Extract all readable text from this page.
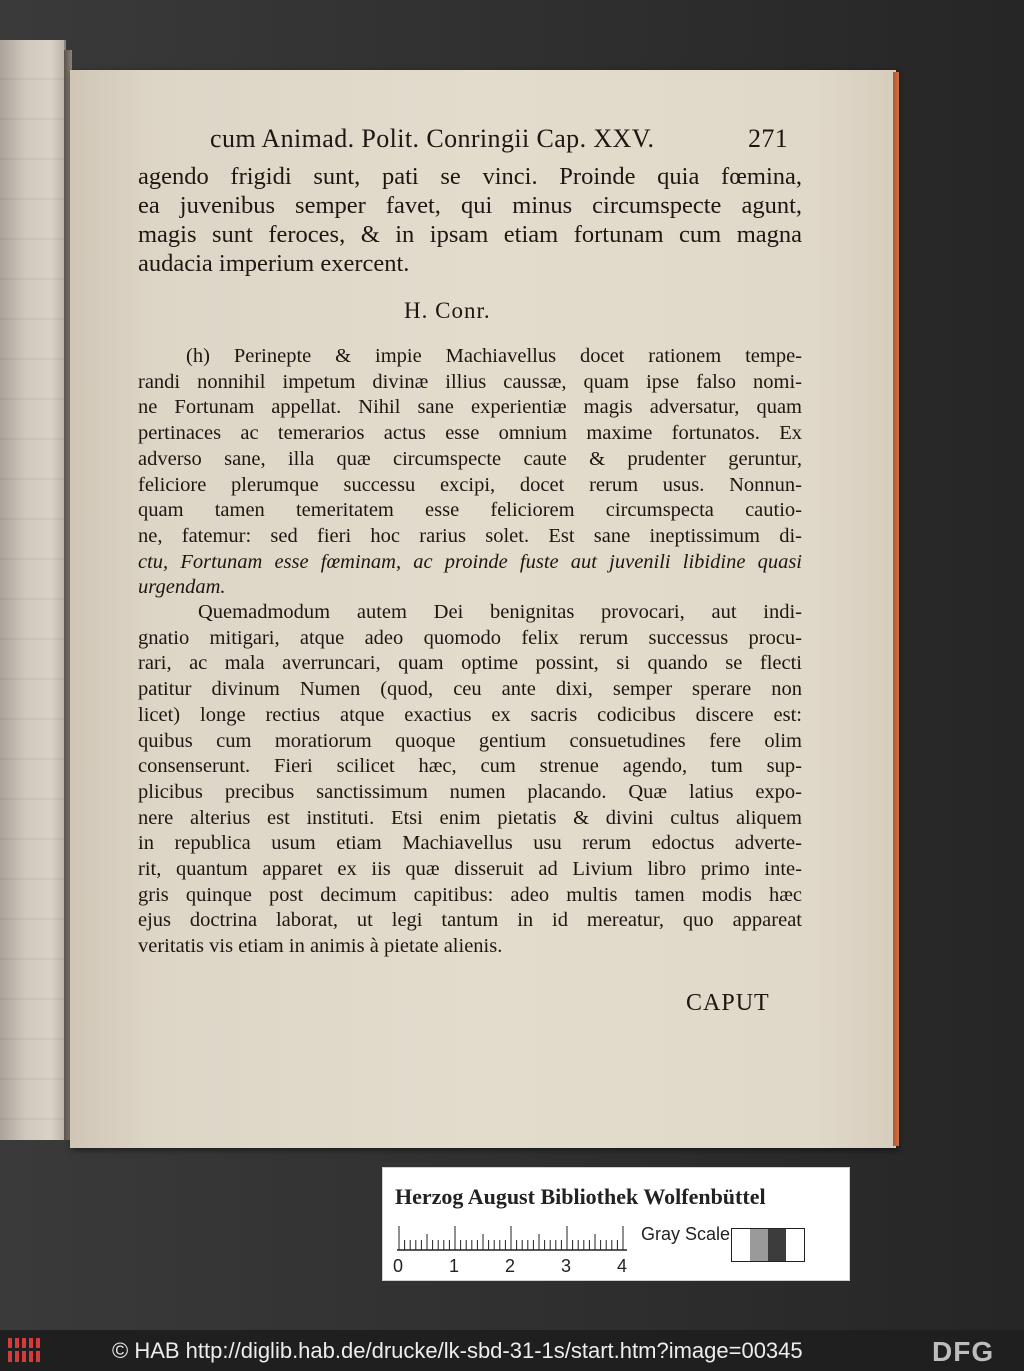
cum Animad. Polit. Conringii Cap. XXV.	271
agendo frigidi sunt, pati se vinci. Proinde quia fœmina,
ea juvenibus semper favet, qui minus circumspecte agunt,
magis sunt feroces, & in ipsam etiam fortunam cum magna
audacia imperium exercent.
H. Conr.
(h) Perinepte & impie Machiavellus docet rationem tempe-
randi nonnihil impetum divinæ illius caussæ, quam ipse falso nomi-
ne Fortunam appellat. Nihil sane experientiæ magis adversatur, quam
pertinaces ac temerarios actus esse omnium maxime fortunatos. Ex
adverso sane, illa quæ circumspecte caute & prudenter geruntur,
feliciore plerumque successu excipi, docet rerum usus. Nonnun-
quam tamen temeritatem esse feliciorem circumspecta cautio-
ne, fatemur: sed fieri hoc rarius solet. Est sane ineptissimum di-
ctu, Fortunam esse fœminam, ac proinde fuste aut juvenili libidine quasi
urgendam.
Quemadmodum autem Dei benignitas provocari, aut indi-
gnatio mitigari, atque adeo quomodo felix rerum successus procu-
rari, ac mala averruncari, quam optime possint, si quando se flecti
patitur divinum Numen (quod, ceu ante dixi, semper sperare non
licet) longe rectius atque exactius ex sacris codicibus discere est:
quibus cum moratiorum quoque gentium consuetudines fere olim
consenserunt. Fieri scilicet hæc, cum strenue agendo, tum sup-
plicibus precibus sanctissimum numen placando. Quæ latius expo-
nere alterius est instituti. Etsi enim pietatis & divini cultus aliquem
in republica usum etiam Machiavellus usu rerum edoctus adverte-
rit, quantum apparet ex iis quæ disseruit ad Livium libro primo inte-
gris quinque post decimum capitibus: adeo multis tamen modis hæc
ejus doctrina laborat, ut legi tantum in id mereatur, quo appareat
veritatis vis etiam in animis à pietate alienis.
CAPUT
Herzog August Bibliothek Wolfenbüttel
0	1	2	3	4
Gray Scale
© HAB http://diglib.hab.de/drucke/lk-sbd-31-1s/start.htm?image=00345	DFG
